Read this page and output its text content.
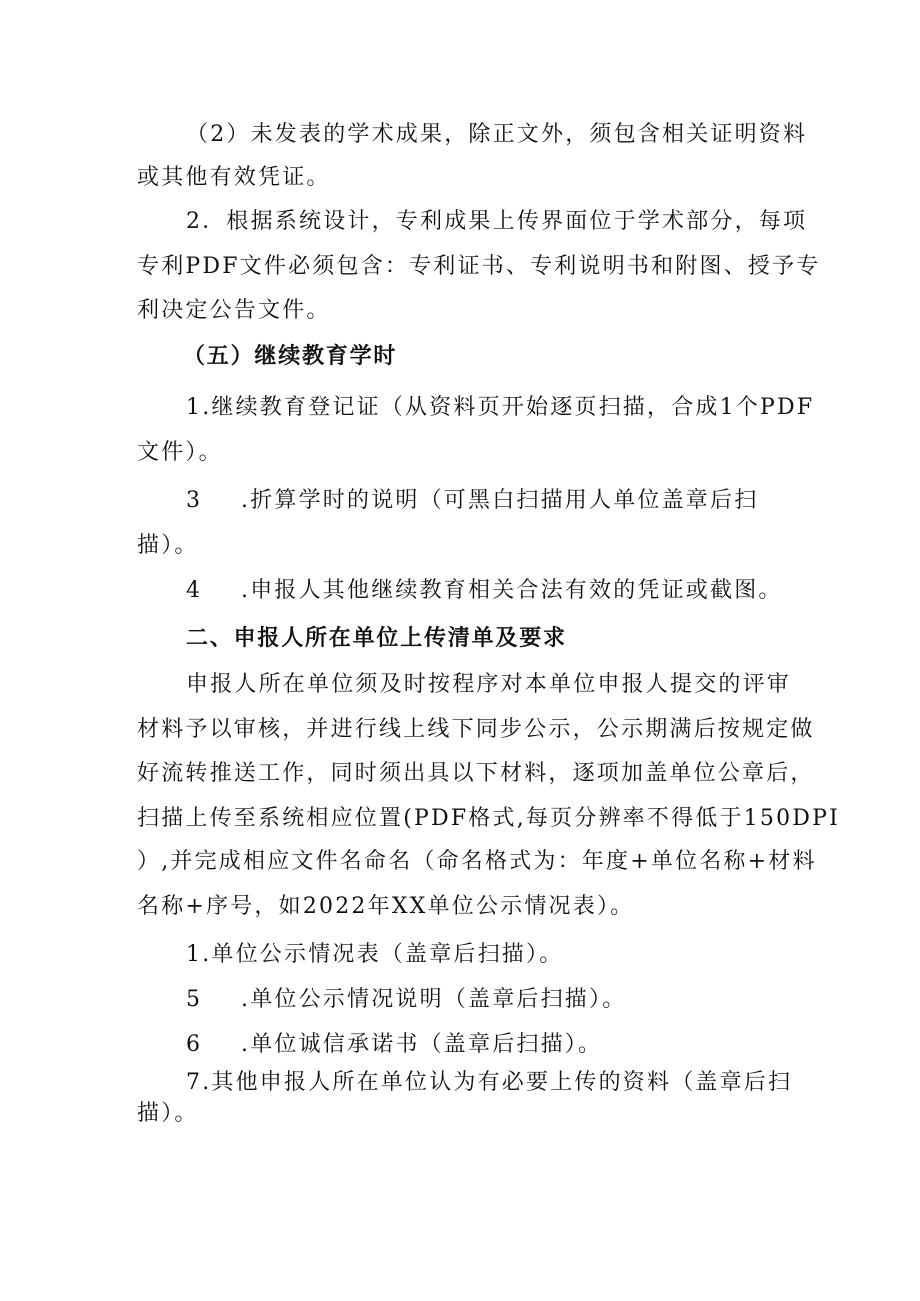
（2）未发表的学术成果，除正文外，须包含相关证明资料
或其他有效凭证。
2．根据系统设计，专利成果上传界面位于学术部分，每项
专利PDF文件必须包含：专利证书、专利说明书和附图、授予专
利决定公告文件。
（五）继续教育学时
1.继续教育登记证（从资料页开始逐页扫描，合成1个PDF
文件）。
3 .折算学时的说明（可黑白扫描用人单位盖章后扫
描）。
4 .申报人其他继续教育相关合法有效的凭证或截图。
二、申报人所在单位上传清单及要求
申报人所在单位须及时按程序对本单位申报人提交的评审
材料予以审核，并进行线上线下同步公示，公示期满后按规定做
好流转推送工作，同时须出具以下材料，逐项加盖单位公章后，
扫描上传至系统相应位置(PDF格式,每页分辨率不得低于150DPI
）,并完成相应文件名命名（命名格式为：年度+单位名称+材料
名称+序号，如2022年XX单位公示情况表）。
1.单位公示情况表（盖章后扫描）。
5 .单位公示情况说明（盖章后扫描）。
6 .单位诚信承诺书（盖章后扫描）。
7.其他申报人所在单位认为有必要上传的资料（盖章后扫
描）。
